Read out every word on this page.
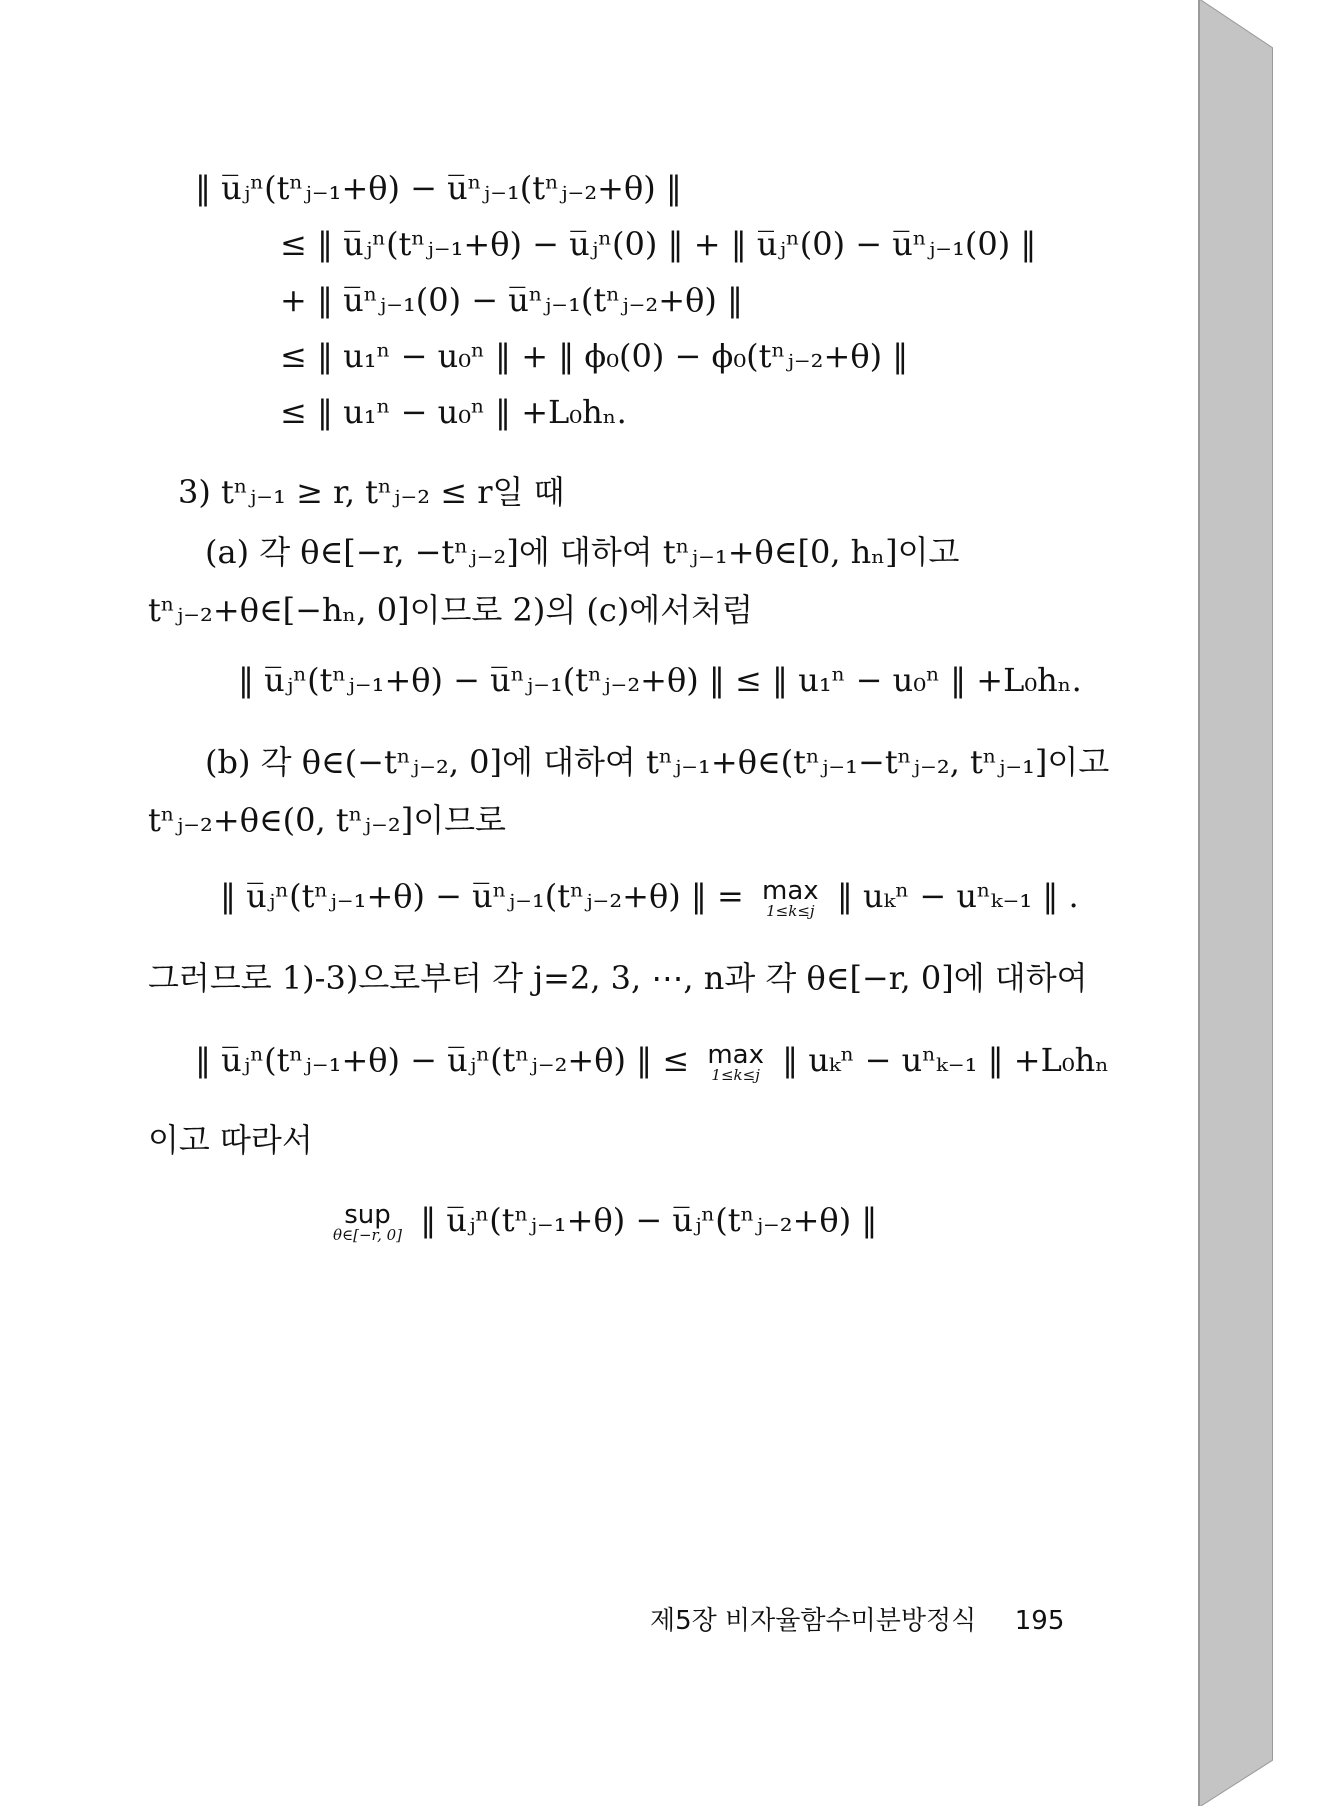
‖ u̅ⱼⁿ(tⁿⱼ₋₁+θ) − u̅ⁿⱼ₋₁(tⁿⱼ₋₂+θ) ‖
≤ ‖ u̅ⱼⁿ(tⁿⱼ₋₁+θ) − u̅ⱼⁿ(0) ‖ + ‖ u̅ⱼⁿ(0) − u̅ⁿⱼ₋₁(0) ‖
+ ‖ u̅ⁿⱼ₋₁(0) − u̅ⁿⱼ₋₁(tⁿⱼ₋₂+θ) ‖
≤ ‖ u₁ⁿ − u₀ⁿ ‖ + ‖ ϕ₀(0) − ϕ₀(tⁿⱼ₋₂+θ) ‖
≤ ‖ u₁ⁿ − u₀ⁿ ‖ +L₀hₙ.
3) tⁿⱼ₋₁ ≥ r, tⁿⱼ₋₂ ≤ r일 때
(a) 각 θ∈[−r, −tⁿⱼ₋₂]에 대하여 tⁿⱼ₋₁+θ∈[0, hₙ]이고
tⁿⱼ₋₂+θ∈[−hₙ, 0]이므로 2)의 (c)에서처럼
‖ u̅ⱼⁿ(tⁿⱼ₋₁+θ) − u̅ⁿⱼ₋₁(tⁿⱼ₋₂+θ) ‖ ≤ ‖ u₁ⁿ − u₀ⁿ ‖ +L₀hₙ.
(b) 각 θ∈(−tⁿⱼ₋₂, 0]에 대하여 tⁿⱼ₋₁+θ∈(tⁿⱼ₋₁−tⁿⱼ₋₂, tⁿⱼ₋₁]이고
tⁿⱼ₋₂+θ∈(0, tⁿⱼ₋₂]이므로
‖ u̅ⱼⁿ(tⁿⱼ₋₁+θ) − u̅ⁿⱼ₋₁(tⁿⱼ₋₂+θ) ‖ = max
1≤k≤j ‖ uₖⁿ − uⁿₖ₋₁ ‖ .
그러므로 1)-3)으로부터 각 j=2, 3, ⋯, n과 각 θ∈[−r, 0]에 대하여
‖ u̅ⱼⁿ(tⁿⱼ₋₁+θ) − u̅ⱼⁿ(tⁿⱼ₋₂+θ) ‖ ≤ max
1≤k≤j ‖ uₖⁿ − uⁿₖ₋₁ ‖ +L₀hₙ
이고 따라서
sup
θ∈[−r, 0] ‖ u̅ⱼⁿ(tⁿⱼ₋₁+θ) − u̅ⱼⁿ(tⁿⱼ₋₂+θ) ‖
제5장 비자율함수미분방정식 195
